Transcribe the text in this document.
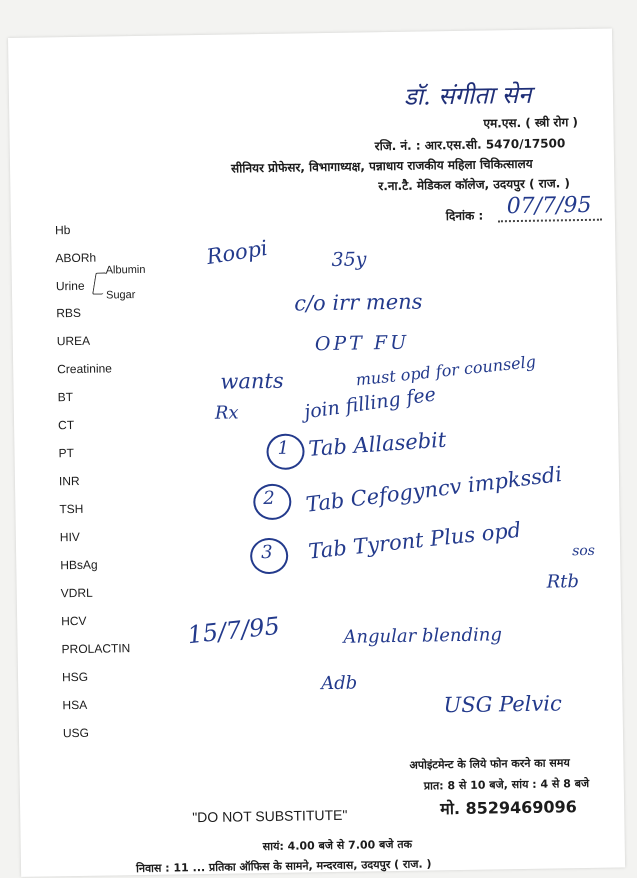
डॉ. संगीता सेन
एम.एस. ( स्त्री रोग )
रजि. नं. : आर.एस.सी. 5470/17500
सीनियर प्रोफेसर, विभागाध्यक्ष, पन्नाधाय राजकीय महिला चिकित्सालय
र.ना.टै. मेडिकल कॉलेज, उदयपुर ( राज. )
दिनांक : 07/7/95
Hb
ABORh
Urine
Albumin
Sugar
RBS
UREA
Creatinine
BT
CT
PT
INR
TSH
HIV
HBsAg
VDRL
HCV
PROLACTIN
HSG
HSA
USG
Roopi	35y
c/o irr mens
OPT FU
wants	must opd for counselg
Rx	join filling fee
1 Tab Allasebit
2 Tab Cefogyncv impkssdi
3 Tab Tyront Plus opd	sos
Rtb
15/7/95	Angular blending
Adb
USG Pelvic
अपोइंटमेन्ट के लिये फोन करने का समय
प्रात: 8 से 10 बजे, सांय : 4 से 8 बजे
"DO NOT SUBSTITUTE"	मो. 8529469096
सायं: 4.00 बजे से 7.00 बजे तक
निवास : 11 ... प्रतिका ऑफिस के सामने, मन्दरवास, उदयपुर ( राज. )
